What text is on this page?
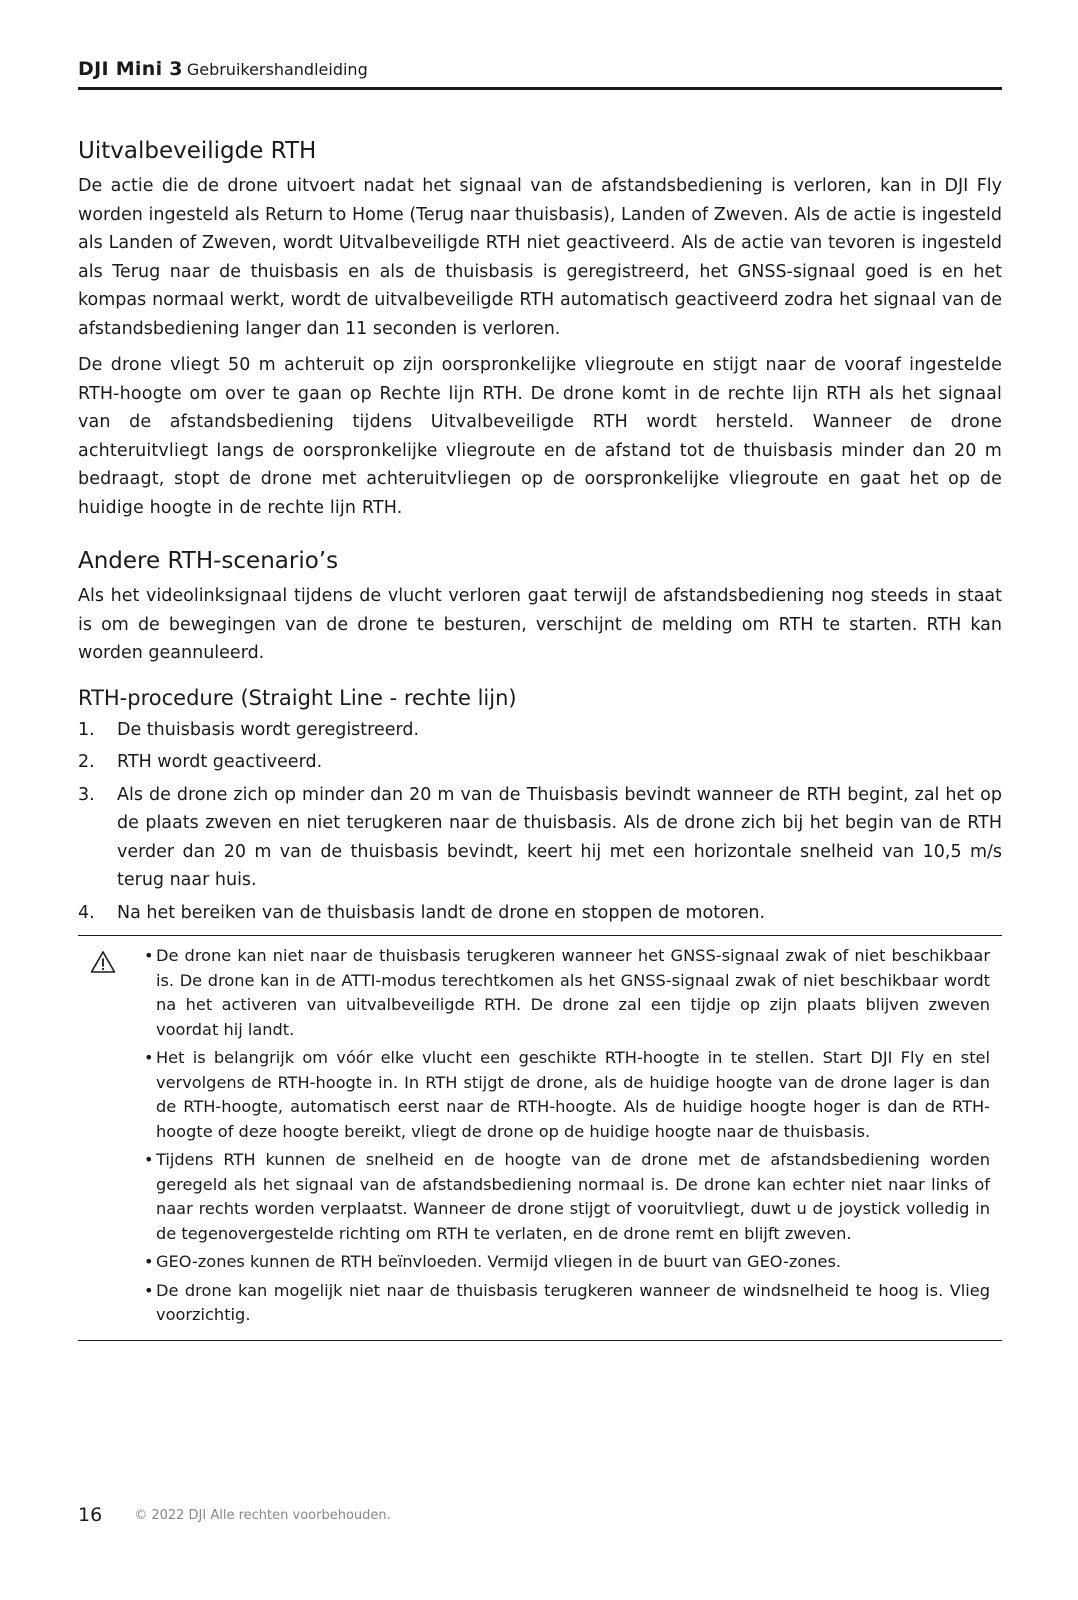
DJI Mini 3 Gebruikershandleiding
Uitvalbeveiligde RTH

De actie die de drone uitvoert nadat het signaal van de afstandsbediening is verloren, kan in DJI Fly worden ingesteld als Return to Home (Terug naar thuisbasis), Landen of Zweven. Als de actie is ingesteld als Landen of Zweven, wordt Uitvalbeveiligde RTH niet geactiveerd. Als de actie van tevoren is ingesteld als Terug naar de thuisbasis en als de thuisbasis is geregistreerd, het GNSS-signaal goed is en het kompas normaal werkt, wordt de uitvalbeveiligde RTH automatisch geactiveerd zodra het signaal van de afstandsbediening langer dan 11 seconden is verloren.

De drone vliegt 50 m achteruit op zijn oorspronkelijke vliegroute en stijgt naar de vooraf ingestelde RTH-hoogte om over te gaan op Rechte lijn RTH. De drone komt in de rechte lijn RTH als het signaal van de afstandsbediening tijdens Uitvalbeveiligde RTH wordt hersteld. Wanneer de drone achteruitvliegt langs de oorspronkelijke vliegroute en de afstand tot de thuisbasis minder dan 20 m bedraagt, stopt de drone met achteruitvliegen op de oorspronkelijke vliegroute en gaat het op de huidige hoogte in de rechte lijn RTH.

Andere RTH-scenario’s

Als het videolinksignaal tijdens de vlucht verloren gaat terwijl de afstandsbediening nog steeds in staat is om de bewegingen van de drone te besturen, verschijnt de melding om RTH te starten. RTH kan worden geannuleerd.

RTH-procedure (Straight Line - rechte lijn)
1. De thuisbasis wordt geregistreerd.
2. RTH wordt geactiveerd.
3. Als de drone zich op minder dan 20 m van de Thuisbasis bevindt wanneer de RTH begint, zal het op de plaats zweven en niet terugkeren naar de thuisbasis. Als de drone zich bij het begin van de RTH verder dan 20 m van de thuisbasis bevindt, keert hij met een horizontale snelheid van 10,5 m/s terug naar huis.
4. Na het bereiken van de thuisbasis landt de drone en stoppen de motoren.
• De drone kan niet naar de thuisbasis terugkeren wanneer het GNSS-signaal zwak of niet beschikbaar is. De drone kan in de ATTI-modus terechtkomen als het GNSS-signaal zwak of niet beschikbaar wordt na het activeren van uitvalbeveiligde RTH. De drone zal een tijdje op zijn plaats blijven zweven voordat hij landt.
• Het is belangrijk om vóór elke vlucht een geschikte RTH-hoogte in te stellen. Start DJI Fly en stel vervolgens de RTH-hoogte in. In RTH stijgt de drone, als de huidige hoogte van de drone lager is dan de RTH-hoogte, automatisch eerst naar de RTH-hoogte. Als de huidige hoogte hoger is dan de RTH-hoogte of deze hoogte bereikt, vliegt de drone op de huidige hoogte naar de thuisbasis.
• Tijdens RTH kunnen de snelheid en de hoogte van de drone met de afstandsbediening worden geregeld als het signaal van de afstandsbediening normaal is. De drone kan echter niet naar links of naar rechts worden verplaatst. Wanneer de drone stijgt of vooruitvliegt, duwt u de joystick volledig in de tegenovergestelde richting om RTH te verlaten, en de drone remt en blijft zweven.
• GEO-zones kunnen de RTH beïnvloeden. Vermijd vliegen in de buurt van GEO-zones.
• De drone kan mogelijk niet naar de thuisbasis terugkeren wanneer de windsnelheid te hoog is. Vlieg voorzichtig.
16 © 2022 DJI Alle rechten voorbehouden.
